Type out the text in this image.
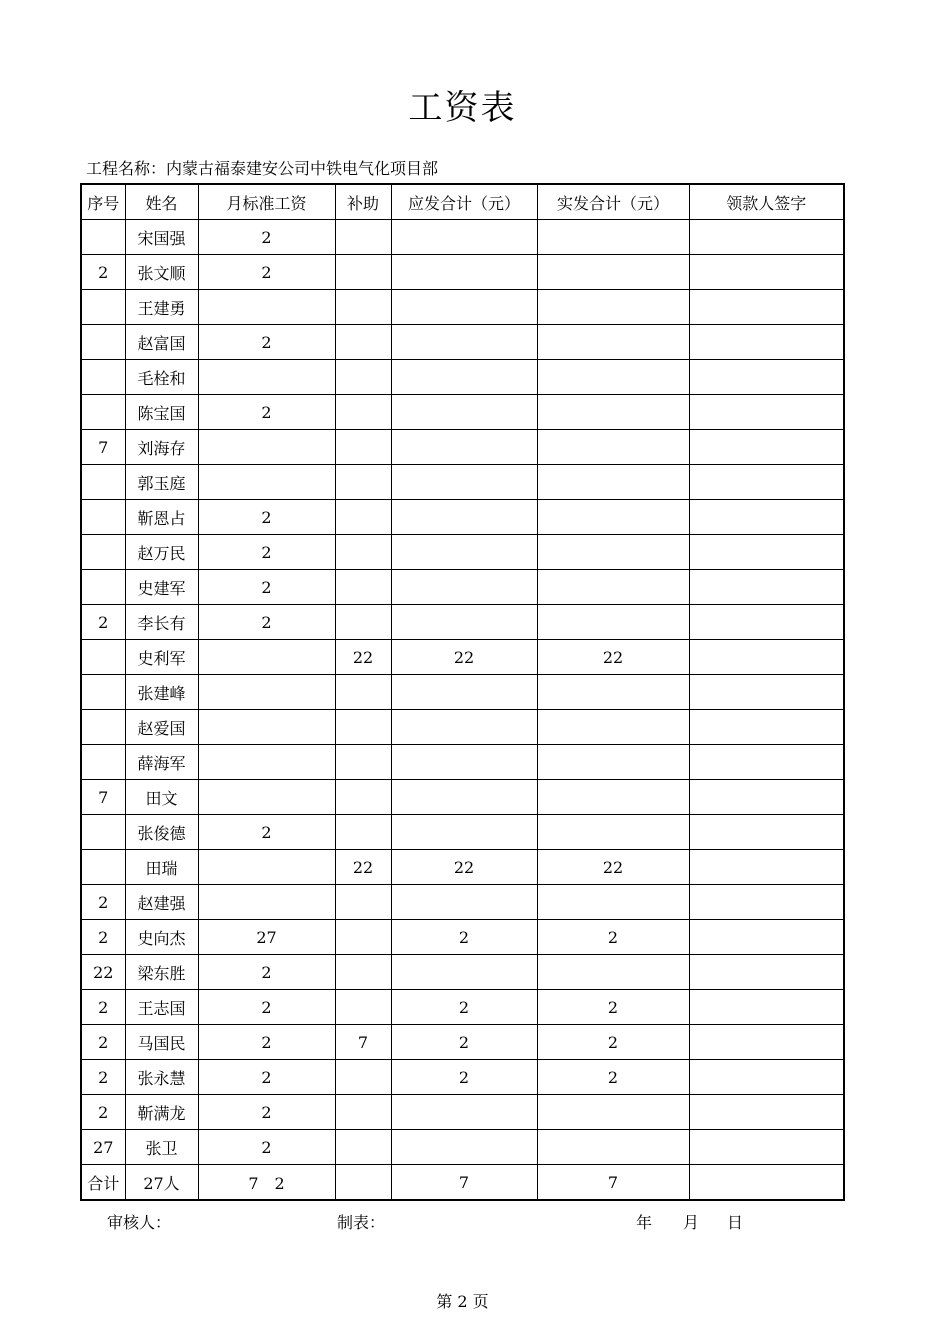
工资表
工程名称：内蒙古福泰建安公司中铁电气化项目部
序号	姓名	月标准工资	补助	应发合计（元）	实发合计（元）	领款人签字
	宋国强	2				
2	张文顺	2				
	王建勇					
	赵富国	2				
	毛栓和					
	陈宝国	2				
7	刘海存					
	郭玉庭					
	靳恩占	2				
	赵万民	2				
	史建军	2				
2	李长有	2				
	史利军		22	22	22	
	张建峰					
	赵爱国					
	薛海军					
7	田文					
	张俊德	2				
	田瑞		22	22	22	
2	赵建强					
2	史向杰	27		2	2	
22	梁东胜	2				
2	王志国	2		2	2	
2	马国民	2	7	2	2	
2	张永慧	2		2	2	
2	靳满龙	2				
27	张卫	2				
合计	27人	7　2		7	7	
审核人：	制表：	年 月 日
第 2 页
